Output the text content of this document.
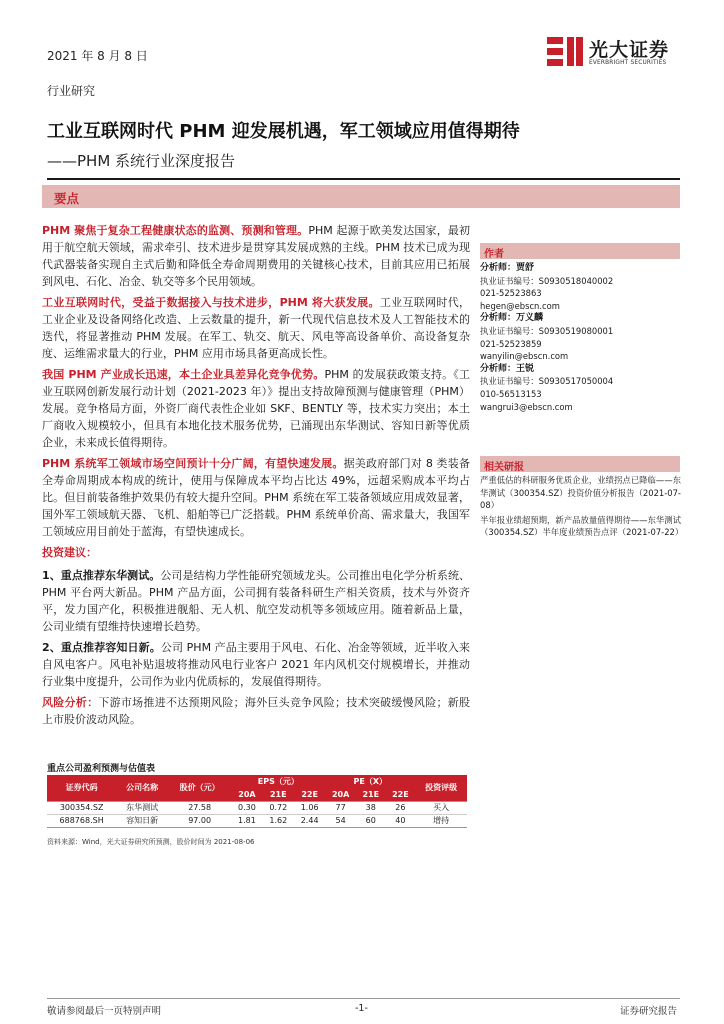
2021 年 8 月 8 日
行业研究
光大证券
EVERBRIGHT SECURITIES
工业互联网时代 PHM 迎发展机遇，军工领域应用值得期待
——PHM 系统行业深度报告
要点

PHM 聚焦于复杂工程健康状态的监测、预测和管理。PHM 起源于欧美发达国家，最初用于航空航天领域，需求牵引、技术进步是贯穿其发展成熟的主线。PHM 技术已成为现代武器装备实现自主式后勤和降低全寿命周期费用的关键核心技术，目前其应用已拓展到风电、石化、冶金、轨交等多个民用领域。

工业互联网时代，受益于数据接入与技术进步，PHM 将大获发展。工业互联网时代，工业企业及设备网络化改造、上云数量的提升，新一代现代信息技术及人工智能技术的迭代，将显著推动 PHM 发展。在军工、轨交、航天、风电等高设备单价、高设备复杂度、运维需求量大的行业，PHM 应用市场具备更高成长性。

我国 PHM 产业成长迅速，本土企业具差异化竞争优势。PHM 的发展获政策支持。《工业互联网创新发展行动计划（2021-2023 年）》提出支持故障预测与健康管理（PHM）发展。竞争格局方面，外资厂商代表性企业如 SKF、BENTLY 等，技术实力突出；本土厂商收入规模较小，但具有本地化技术服务优势，已涌现出东华测试、容知日新等优质企业，未来成长值得期待。

PHM 系统军工领域市场空间预计十分广阔，有望快速发展。据美政府部门对 8 类装备全寿命周期成本构成的统计，使用与保障成本平均占比达 49%，远超采购成本平均占比。但目前装备维护效果仍有较大提升空间。PHM 系统在军工装备领域应用成效显著，国外军工领域航天器、飞机、船舶等已广泛搭载。PHM 系统单价高、需求量大，我国军工领域应用目前处于蓝海，有望快速成长。

投资建议：

1、重点推荐东华测试。公司是结构力学性能研究领域龙头。公司推出电化学分析系统、PHM 平台两大新品。PHM 产品方面，公司拥有装备科研生产相关资质，技术与外资齐平，发力国产化，积极推进舰船、无人机、航空发动机等多领域应用。随着新品上量，公司业绩有望维持快速增长趋势。

2、重点推荐容知日新。公司 PHM 产品主要用于风电、石化、冶金等领域，近半收入来自风电客户。风电补贴退坡将推动风电行业客户 2021 年内风机交付规模增长，并推动行业集中度提升，公司作为业内优质标的，发展值得期待。

风险分析：下游市场推进不达预期风险；海外巨头竞争风险；技术突破缓慢风险；新股上市股价波动风险。

重点公司盈利预测与估值表
证券代码	公司名称	股价（元）	EPS（元）			PE（X）			投资评级
			20A	21E	22E	20A	21E	22E	
300354.SZ	东华测试	27.58	0.30	0.72	1.06	77	38	26	买入
688768.SH	容知日新	97.00	1.81	1.62	2.44	54	60	40	增持
资料来源：Wind，光大证券研究所预测，股价时间为 2021-08-06
作者
分析师：贾舒
执业证书编号：S0930518040002
021-52523863
hegen@ebscn.com
分析师：万义麟
执业证书编号：S0930519080001
021-52523859
wanyilin@ebscn.com
分析师：王锐
执业证书编号：S0930517050004
010-56513153
wangrui3@ebscn.com
相关研报
严重低估的科研服务优质企业，业绩拐点已降临——东华测试（300354.SZ）投资价值分析报告（2021-07-08）
半年报业绩超预期，新产品放量值得期待——东华测试（300354.SZ）半年度业绩预告点评（2021-07-22）
敬请参阅最后一页特别声明	-1-	证券研究报告
